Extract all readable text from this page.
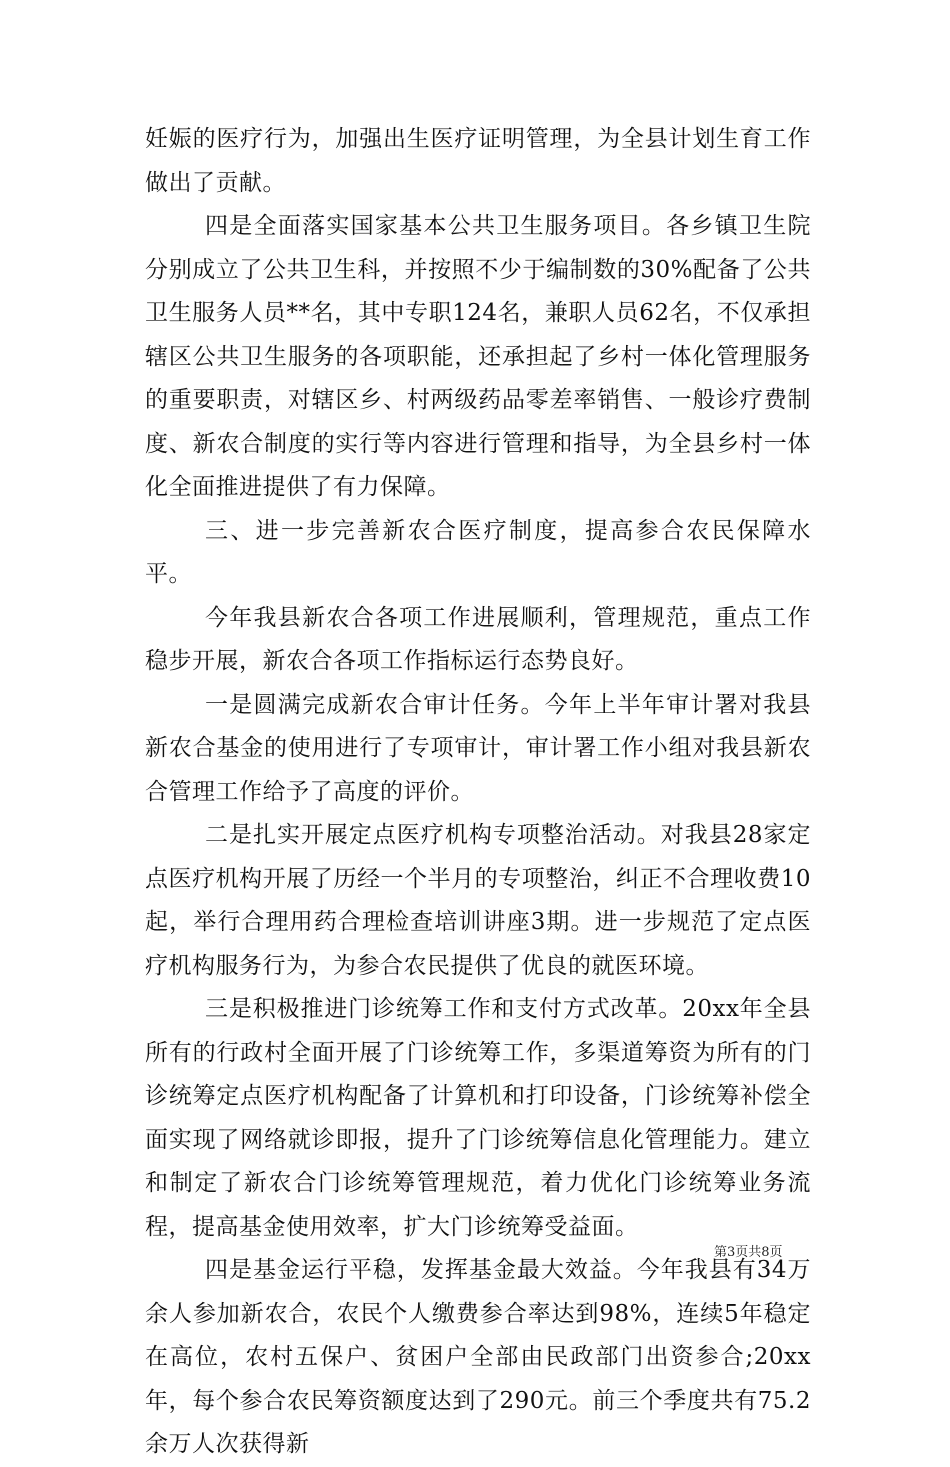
妊娠的医疗行为，加强出生医疗证明管理，为全县计划生育工作做出了贡献。

四是全面落实国家基本公共卫生服务项目。各乡镇卫生院分别成立了公共卫生科，并按照不少于编制数的30%配备了公共卫生服务人员**名，其中专职124名，兼职人员62名，不仅承担辖区公共卫生服务的各项职能，还承担起了乡村一体化管理服务的重要职责，对辖区乡、村两级药品零差率销售、一般诊疗费制度、新农合制度的实行等内容进行管理和指导，为全县乡村一体化全面推进提供了有力保障。

三、进一步完善新农合医疗制度，提高参合农民保障水平。

今年我县新农合各项工作进展顺利，管理规范，重点工作稳步开展，新农合各项工作指标运行态势良好。

一是圆满完成新农合审计任务。今年上半年审计署对我县新农合基金的使用进行了专项审计，审计署工作小组对我县新农合管理工作给予了高度的评价。

二是扎实开展定点医疗机构专项整治活动。对我县28家定点医疗机构开展了历经一个半月的专项整治，纠正不合理收费10起，举行合理用药合理检查培训讲座3期。进一步规范了定点医疗机构服务行为，为参合农民提供了优良的就医环境。

三是积极推进门诊统筹工作和支付方式改革。20xx年全县所有的行政村全面开展了门诊统筹工作，多渠道筹资为所有的门诊统筹定点医疗机构配备了计算机和打印设备，门诊统筹补偿全面实现了网络就诊即报，提升了门诊统筹信息化管理能力。建立和制定了新农合门诊统筹管理规范，着力优化门诊统筹业务流程，提高基金使用效率，扩大门诊统筹受益面。

四是基金运行平稳，发挥基金最大效益。今年我县有34万余人参加新农合，农民个人缴费参合率达到98%，连续5年稳定在高位，农村五保户、贫困户全部由民政部门出资参合;20xx年，每个参合农民筹资额度达到了290元。前三个季度共有75.2余万人次获得新

第3页共8页
